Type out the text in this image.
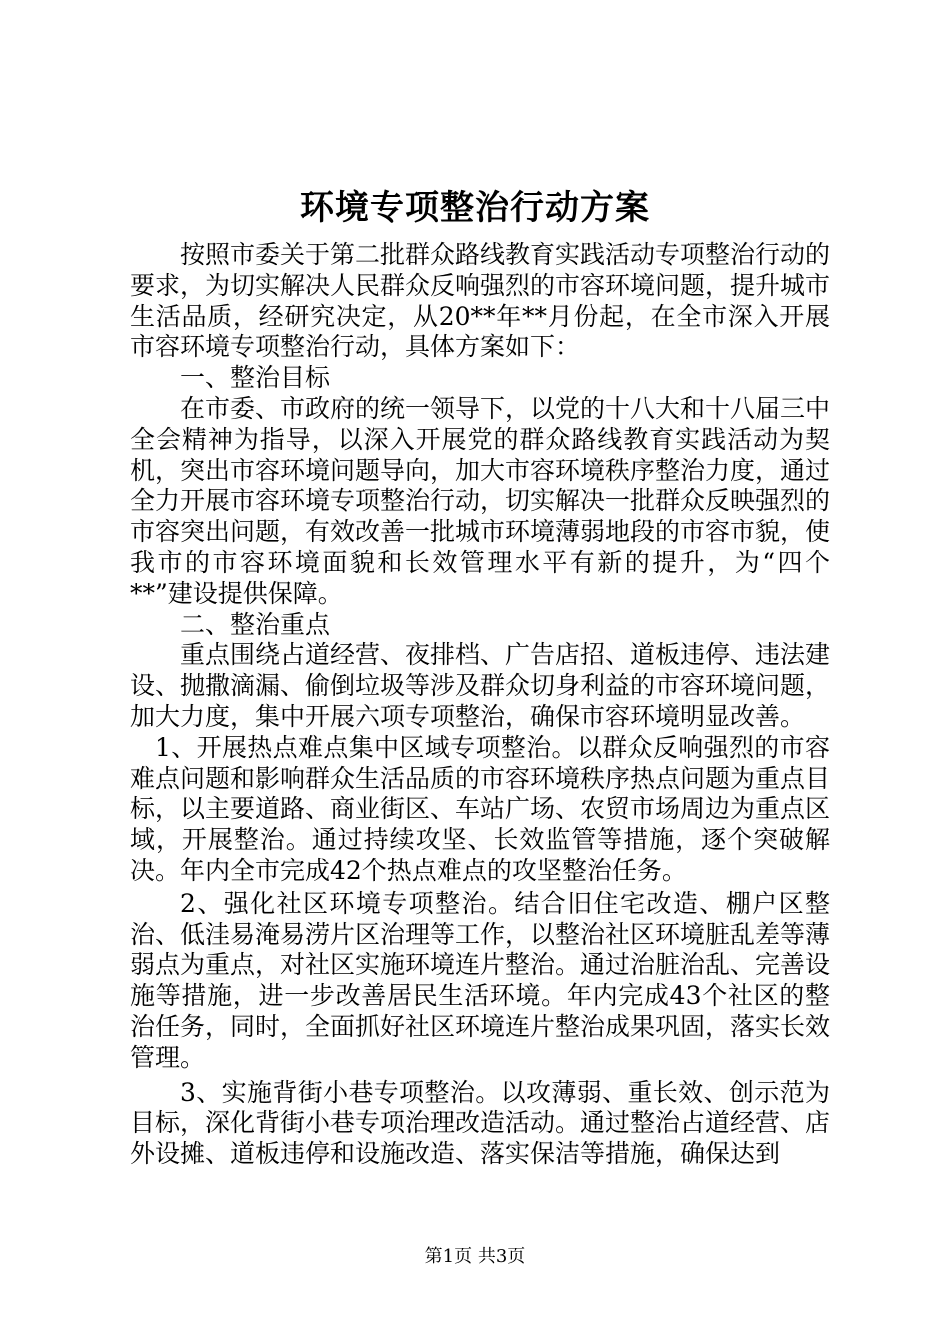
环境专项整治行动方案

按照市委关于第二批群众路线教育实践活动专项整治行动的要求，为切实解决人民群众反响强烈的市容环境问题，提升城市生活品质，经研究决定，从20**年**月份起，在全市深入开展市容环境专项整治行动，具体方案如下：

一、整治目标

在市委、市政府的统一领导下，以党的十八大和十八届三中全会精神为指导，以深入开展党的群众路线教育实践活动为契机，突出市容环境问题导向，加大市容环境秩序整治力度，通过全力开展市容环境专项整治行动，切实解决一批群众反映强烈的市容突出问题，有效改善一批城市环境薄弱地段的市容市貌，使我市的市容环境面貌和长效管理水平有新的提升，为“四个**”建设提供保障。

二、整治重点

重点围绕占道经营、夜排档、广告店招、道板违停、违法建设、抛撒滴漏、偷倒垃圾等涉及群众切身利益的市容环境问题，加大力度，集中开展六项专项整治，确保市容环境明显改善。

1、开展热点难点集中区域专项整治。以群众反响强烈的市容难点问题和影响群众生活品质的市容环境秩序热点问题为重点目标，以主要道路、商业街区、车站广场、农贸市场周边为重点区域，开展整治。通过持续攻坚、长效监管等措施，逐个突破解决。年内全市完成42个热点难点的攻坚整治任务。

2、强化社区环境专项整治。结合旧住宅改造、棚户区整治、低洼易淹易涝片区治理等工作，以整治社区环境脏乱差等薄弱点为重点，对社区实施环境连片整治。通过治脏治乱、完善设施等措施，进一步改善居民生活环境。年内完成43个社区的整治任务，同时，全面抓好社区环境连片整治成果巩固，落实长效管理。

3、实施背街小巷专项整治。以攻薄弱、重长效、创示范为目标，深化背街小巷专项治理改造活动。通过整治占道经营、店外设摊、道板违停和设施改造、落实保洁等措施，确保达到

第1页 共3页
